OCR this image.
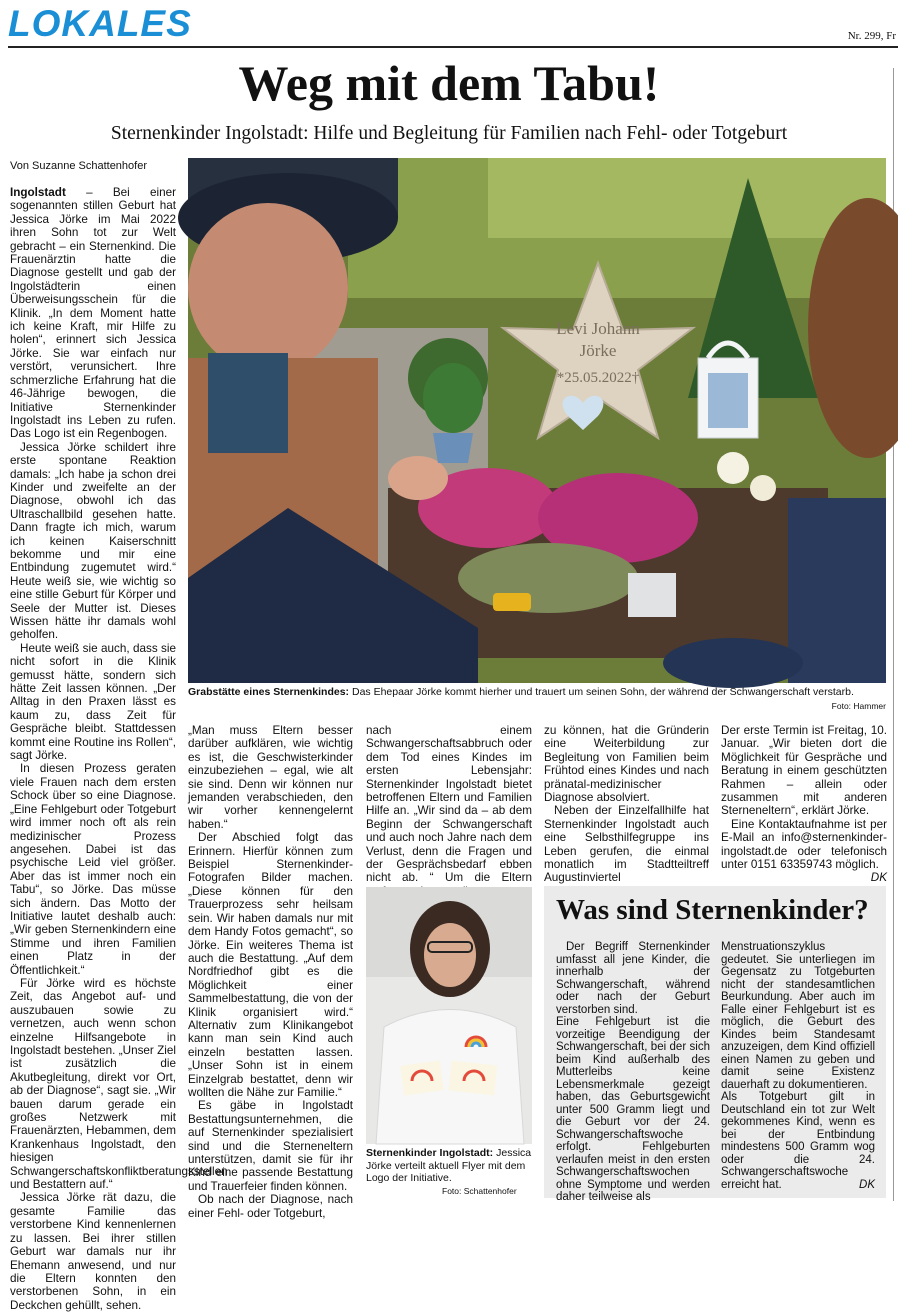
LOKALES	Nr. 299, Fr
Weg mit dem Tabu!
Sternenkinder Ingolstadt: Hilfe und Begleitung für Familien nach Fehl- oder Totgeburt
Von Suzanne Schattenhofer

Ingolstadt – Bei einer sogenannten stillen Geburt hat Jessica Jörke im Mai 2022 ihren Sohn tot zur Welt gebracht – ein Sternenkind. Die Frauenärztin hatte die Diagnose gestellt und gab der Ingolstädterin einen Überweisungsschein für die Klinik. „In dem Moment hatte ich keine Kraft, mir Hilfe zu holen“, erinnert sich Jessica Jörke. Sie war einfach nur verstört, verunsichert. Ihre schmerzliche Erfahrung hat die 46-Jährige bewogen, die Initiative Sternenkinder Ingolstadt ins Leben zu rufen. Das Logo ist ein Regenbogen.

Jessica Jörke schildert ihre erste spontane Reaktion damals: „Ich habe ja schon drei Kinder und zweifelte an der Diagnose, obwohl ich das Ultraschallbild gesehen hatte. Dann fragte ich mich, warum ich keinen Kaiserschnitt bekomme und mir eine Entbindung zugemutet wird.“ Heute weiß sie, wie wichtig so eine stille Geburt für Körper und Seele der Mutter ist. Dieses Wissen hätte ihr damals wohl geholfen.

Heute weiß sie auch, dass sie nicht sofort in die Klinik gemusst hätte, sondern sich hätte Zeit lassen können. „Der Alltag in den Praxen lässt es kaum zu, dass Zeit für Gespräche bleibt. Stattdessen kommt eine Routine ins Rollen“, sagt Jörke.

In diesen Prozess geraten viele Frauen nach dem ersten Schock über so eine Diagnose. „Eine Fehlgeburt oder Totgeburt wird immer noch oft als rein medizinischer Prozess angesehen. Dabei ist das psychische Leid viel größer. Aber das ist immer noch ein Tabu“, so Jörke. Das müsse sich ändern. Das Motto der Initiative lautet deshalb auch: „Wir geben Sternenkindern eine Stimme und ihren Familien einen Platz in der Öffentlichkeit.“

Für Jörke wird es höchste Zeit, das Angebot auf- und auszubauen sowie zu vernetzen, auch wenn schon einzelne Hilfsangebote in Ingolstadt bestehen. „Unser Ziel ist zusätzlich die Akutbegleitung, direkt vor Ort, ab der Diagnose“, sagt sie. „Wir bauen darum gerade ein großes Netzwerk mit Frauenärzten, Hebammen, dem Krankenhaus Ingolstadt, den hiesigen Schwangerschaftskonfliktberatungsstellen und Bestattern auf.“

Jessica Jörke rät dazu, die gesamte Familie das verstorbene Kind kennenlernen zu lassen. Bei ihrer stillen Geburt war damals nur ihr Ehemann anwesend, und nur die Eltern konnten den verstorbenen Sohn, in ein Deckchen gehüllt, sehen.

Levi Johann
Jörke
*25.05.2022†
Grabstätte eines Sternenkindes: Das Ehepaar Jörke kommt hierher und trauert um seinen Sohn, der während der Schwangerschaft verstarb.
Foto: Hammer

„Man muss Eltern besser darüber aufklären, wie wichtig es ist, die Geschwisterkinder einzubeziehen – egal, wie alt sie sind. Denn wir können nur jemanden verabschieden, den wir vorher kennengelernt haben.“

Der Abschied folgt das Erinnern. Hierfür können zum Beispiel Sternenkinder-Fotografen Bilder machen. „Diese können für den Trauerprozess sehr heilsam sein. Wir haben damals nur mit dem Handy Fotos gemacht“, so Jörke. Ein weiteres Thema ist auch die Bestattung. „Auf dem Nordfriedhof gibt es die Möglichkeit einer Sammelbestattung, die von der Klinik organisiert wird.“ Alternativ zum Klinikangebot kann man sein Kind auch einzeln bestatten lassen. „Unser Sohn ist in einem Einzelgrab bestattet, denn wir wollten die Nähe zur Familie.“

Es gäbe in Ingolstadt Bestattungsunternehmen, die auf Sternenkinder spezialisiert sind und die Sterneneltern unterstützen, damit sie für ihr Kind eine passende Bestattung und Trauerfeier finden können.

Ob nach der Diagnose, nach einer Fehl- oder Totgeburt,

nach einem Schwangerschaftsabbruch oder dem Tod eines Kindes im ersten Lebensjahr: Sternenkinder Ingolstadt bietet betroffenen Eltern und Familien Hilfe an. „Wir sind da – ab dem Beginn der Schwangerschaft und auch noch Jahre nach dem Verlust, denn die Fragen und der Gesprächsbedarf ebben nicht ab. “ Um die Eltern

Sternenkinder Ingolstadt: Jessica Jörke verteilt aktuell Flyer mit dem Logo der Initiative.
Foto: Schattenhofer

zu können, hat die Gründerin eine Weiterbildung zur Begleitung von Familien beim Frühtod eines Kindes und nach pränatal-medizinischer Diagnose absolviert.

Neben der Einzelfallhilfe hat Sternenkinder Ingolstadt auch eine Selbsthilfegruppe ins Leben gerufen, die einmal monatlich im Stadtteiltreff Augustinviertel

Der erste Termin ist Freitag, 10. Januar. „Wir bieten dort die Möglichkeit für Gespräche und Beratung in einem geschützten Rahmen – allein oder zusammen mit anderen Sterneneltern“, erklärt Jörke.

Eine Kontaktaufnahme ist per E-Mail an info@sternenkinder-ingolstadt.de oder telefonisch unter 0151 63359743 möglich.
DK

Was sind Sternenkinder?

Der Begriff Sternenkinder umfasst all jene Kinder, die innerhalb der Schwangerschaft, während oder nach der Geburt verstorben sind.

Eine Fehlgeburt ist die vorzeitige Beendigung der Schwangerschaft, bei der sich beim Kind außerhalb des Mutterleibs keine Lebensmerkmale gezeigt haben, das Geburtsgewicht unter 500 Gramm liegt und die Geburt vor der 24. Schwangerschaftswoche erfolgt. Fehlgeburten verlaufen meist in den ersten Schwangerschaftswochen ohne Symptome und werden daher teilweise als

Menstruationszyklus gedeutet. Sie unterliegen im Gegensatz zu Totgeburten nicht der standesamtlichen Beurkundung. Aber auch im Falle einer Fehlgeburt ist es möglich, die Geburt des Kindes beim Standesamt anzuzeigen, dem Kind offiziell einen Namen zu geben und damit seine Existenz dauerhaft zu dokumentieren.

Als Totgeburt gilt in Deutschland ein tot zur Welt gekommenes Kind, wenn es bei der Entbindung mindestens 500 Gramm wog oder die 24. Schwangerschaftswoche erreicht hat.	DK
